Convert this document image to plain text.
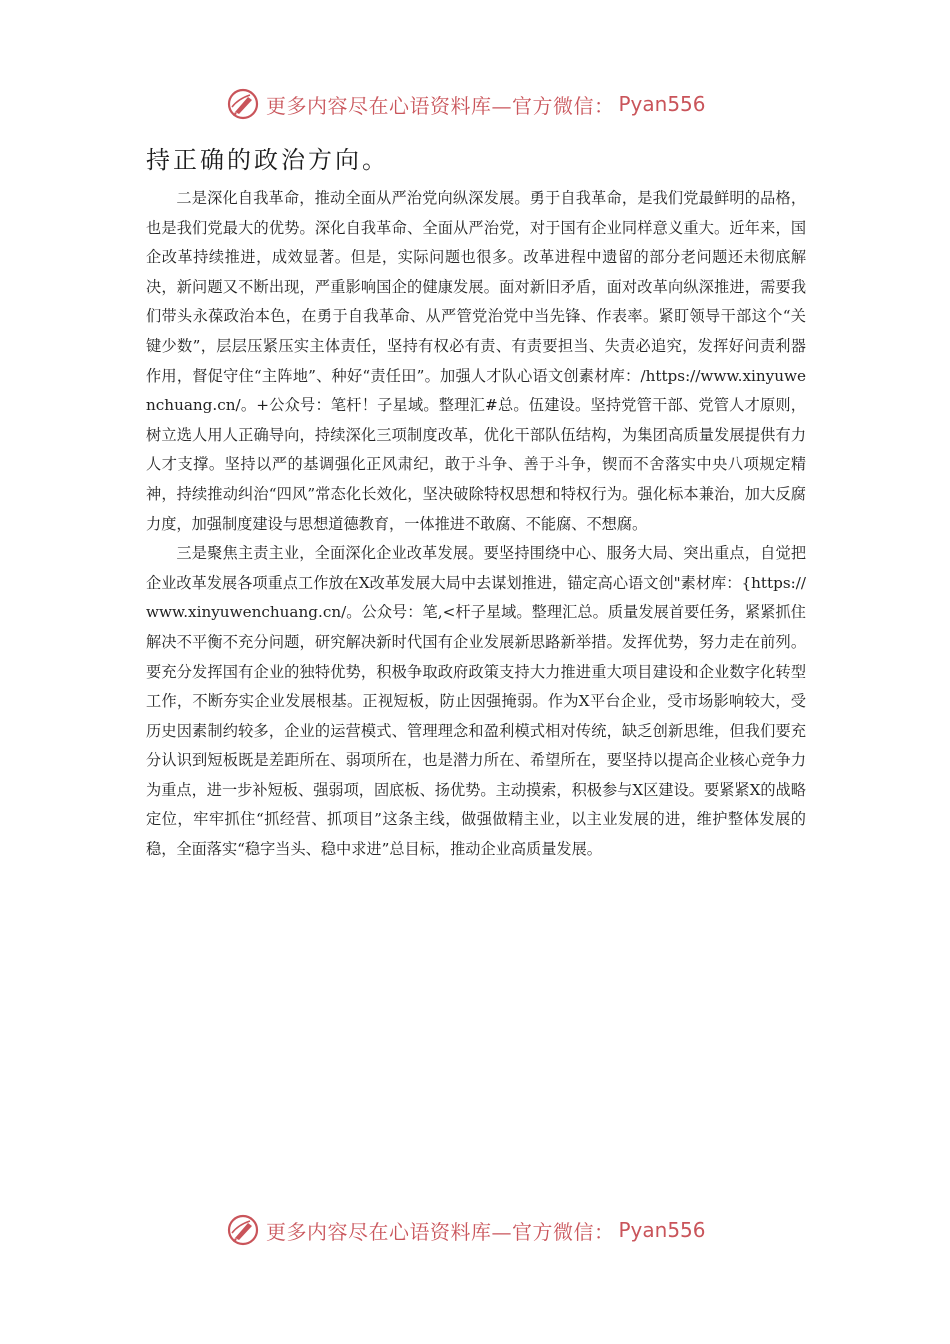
更多内容尽在心语资料库—官方微信： Pyan556
持正确的政治方向。

二是深化自我革命，推动全面从严治党向纵深发展。勇于自我革命，是我们党最鲜明的品格，也是我们党最大的优势。深化自我革命、全面从严治党，对于国有企业同样意义重大。近年来，国企改革持续推进，成效显著。但是，实际问题也很多。改革进程中遗留的部分老问题还未彻底解决，新问题又不断出现，严重影响国企的健康发展。面对新旧矛盾，面对改革向纵深推进，需要我们带头永葆政治本色，在勇于自我革命、从严管党治党中当先锋、作表率。紧盯领导干部这个“关键少数”，层层压紧压实主体责任，坚持有权必有责、有责要担当、失责必追究，发挥好问责利器作用，督促守住“主阵地”、种好“责任田”。加强人才队心语文创素材库：/https://www.xinyuwenchuang.cn/。+公众号：笔杆！子星域。整理汇#总。伍建设。坚持党管干部、党管人才原则，树立选人用人正确导向，持续深化三项制度改革，优化干部队伍结构，为集团高质量发展提供有力人才支撑。坚持以严的基调强化正风肃纪，敢于斗争、善于斗争，锲而不舍落实中央八项规定精神，持续推动纠治“四风”常态化长效化，坚决破除特权思想和特权行为。强化标本兼治，加大反腐力度，加强制度建设与思想道德教育，一体推进不敢腐、不能腐、不想腐。

三是聚焦主责主业，全面深化企业改革发展。要坚持围绕中心、服务大局、突出重点，自觉把企业改革发展各项重点工作放在X改革发展大局中去谋划推进，锚定高心语文创"素材库：{https://www.xinyuwenchuang.cn/。公众号：笔,<杆子星域。整理汇总。质量发展首要任务，紧紧抓住解决不平衡不充分问题，研究解决新时代国有企业发展新思路新举措。发挥优势，努力走在前列。要充分发挥国有企业的独特优势，积极争取政府政策支持大力推进重大项目建设和企业数字化转型工作，不断夯实企业发展根基。正视短板，防止因强掩弱。作为X平台企业，受市场影响较大，受历史因素制约较多，企业的运营模式、管理理念和盈利模式相对传统，缺乏创新思维，但我们要充分认识到短板既是差距所在、弱项所在，也是潜力所在、希望所在，要坚持以提高企业核心竞争力为重点，进一步补短板、强弱项，固底板、扬优势。主动摸索，积极参与X区建设。要紧紧X的战略定位，牢牢抓住“抓经营、抓项目”这条主线，做强做精主业，以主业发展的进，维护整体发展的稳，全面落实“稳字当头、稳中求进”总目标，推动企业高质量发展。

更多内容尽在心语资料库—官方微信： Pyan556
